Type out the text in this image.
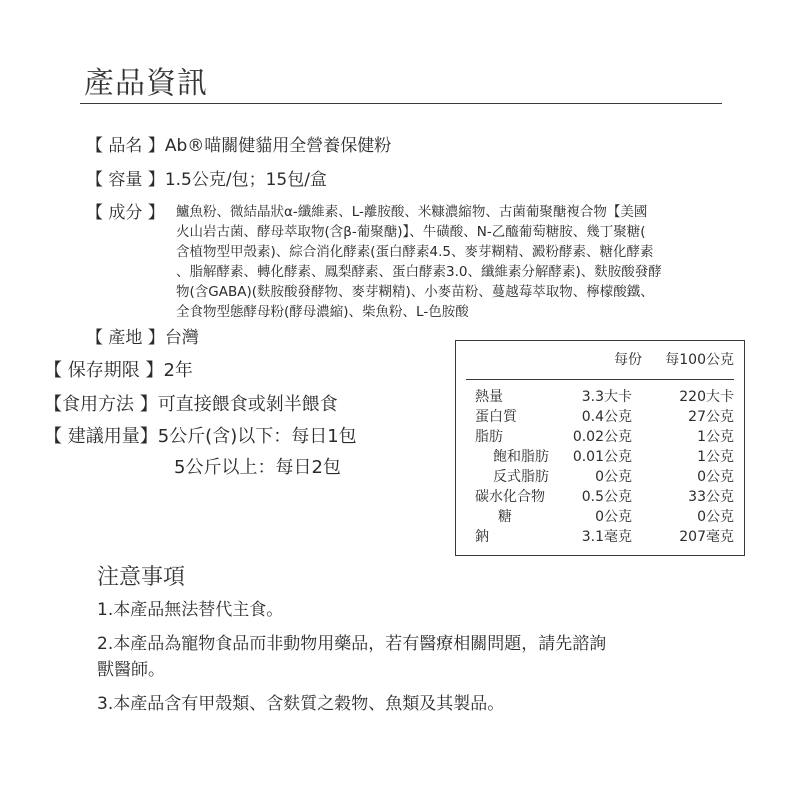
產品資訊
【 品名 】 Ab®喵關健貓用全營養保健粉
【 容量 】 1.5公克/包；15包/盒
【 成分 】 鱸魚粉、微結晶狀α-纖維素、L-離胺酸、米糠濃縮物、古菌葡聚醣複合物【美國
火山岩古菌、酵母萃取物(含β-葡聚醣)】、牛磺酸、N-乙醯葡萄糖胺、幾丁聚糖(
含植物型甲殼素)、綜合消化酵素(蛋白酵素4.5、麥芽糊精、澱粉酵素、糖化酵素
、脂解酵素、轉化酵素、鳳梨酵素、蛋白酵素3.0、纖維素分解酵素)、麩胺酸發酵
物(含GABA)(麩胺酸發酵物、麥芽糊精)、小麥苗粉、蔓越莓萃取物、檸檬酸鐵、
全食物型態酵母粉(酵母濃縮)、柴魚粉、L-色胺酸
【 產地 】 台灣
【 保存期限 】 2年
【食用方法 】 可直接餵食或剝半餵食
【 建議用量】 5公斤(含)以下：每日1包
5公斤以上：每日2包
每份 每100公克
熱量	3.3大卡	220大卡
蛋白質	0.4公克	27公克
脂肪	0.02公克	1公克
飽和脂肪 0.01公克	1公克
反式脂肪	0公克	0公克
碳水化合物	0.5公克	33公克
糖	0公克	0公克
鈉	3.1毫克	207毫克
注意事項
1.本產品無法替代主食。
2.本產品為寵物食品而非動物用藥品，若有醫療相關問題，請先諮詢
獸醫師。
3.本產品含有甲殼類、含麩質之穀物、魚類及其製品。
